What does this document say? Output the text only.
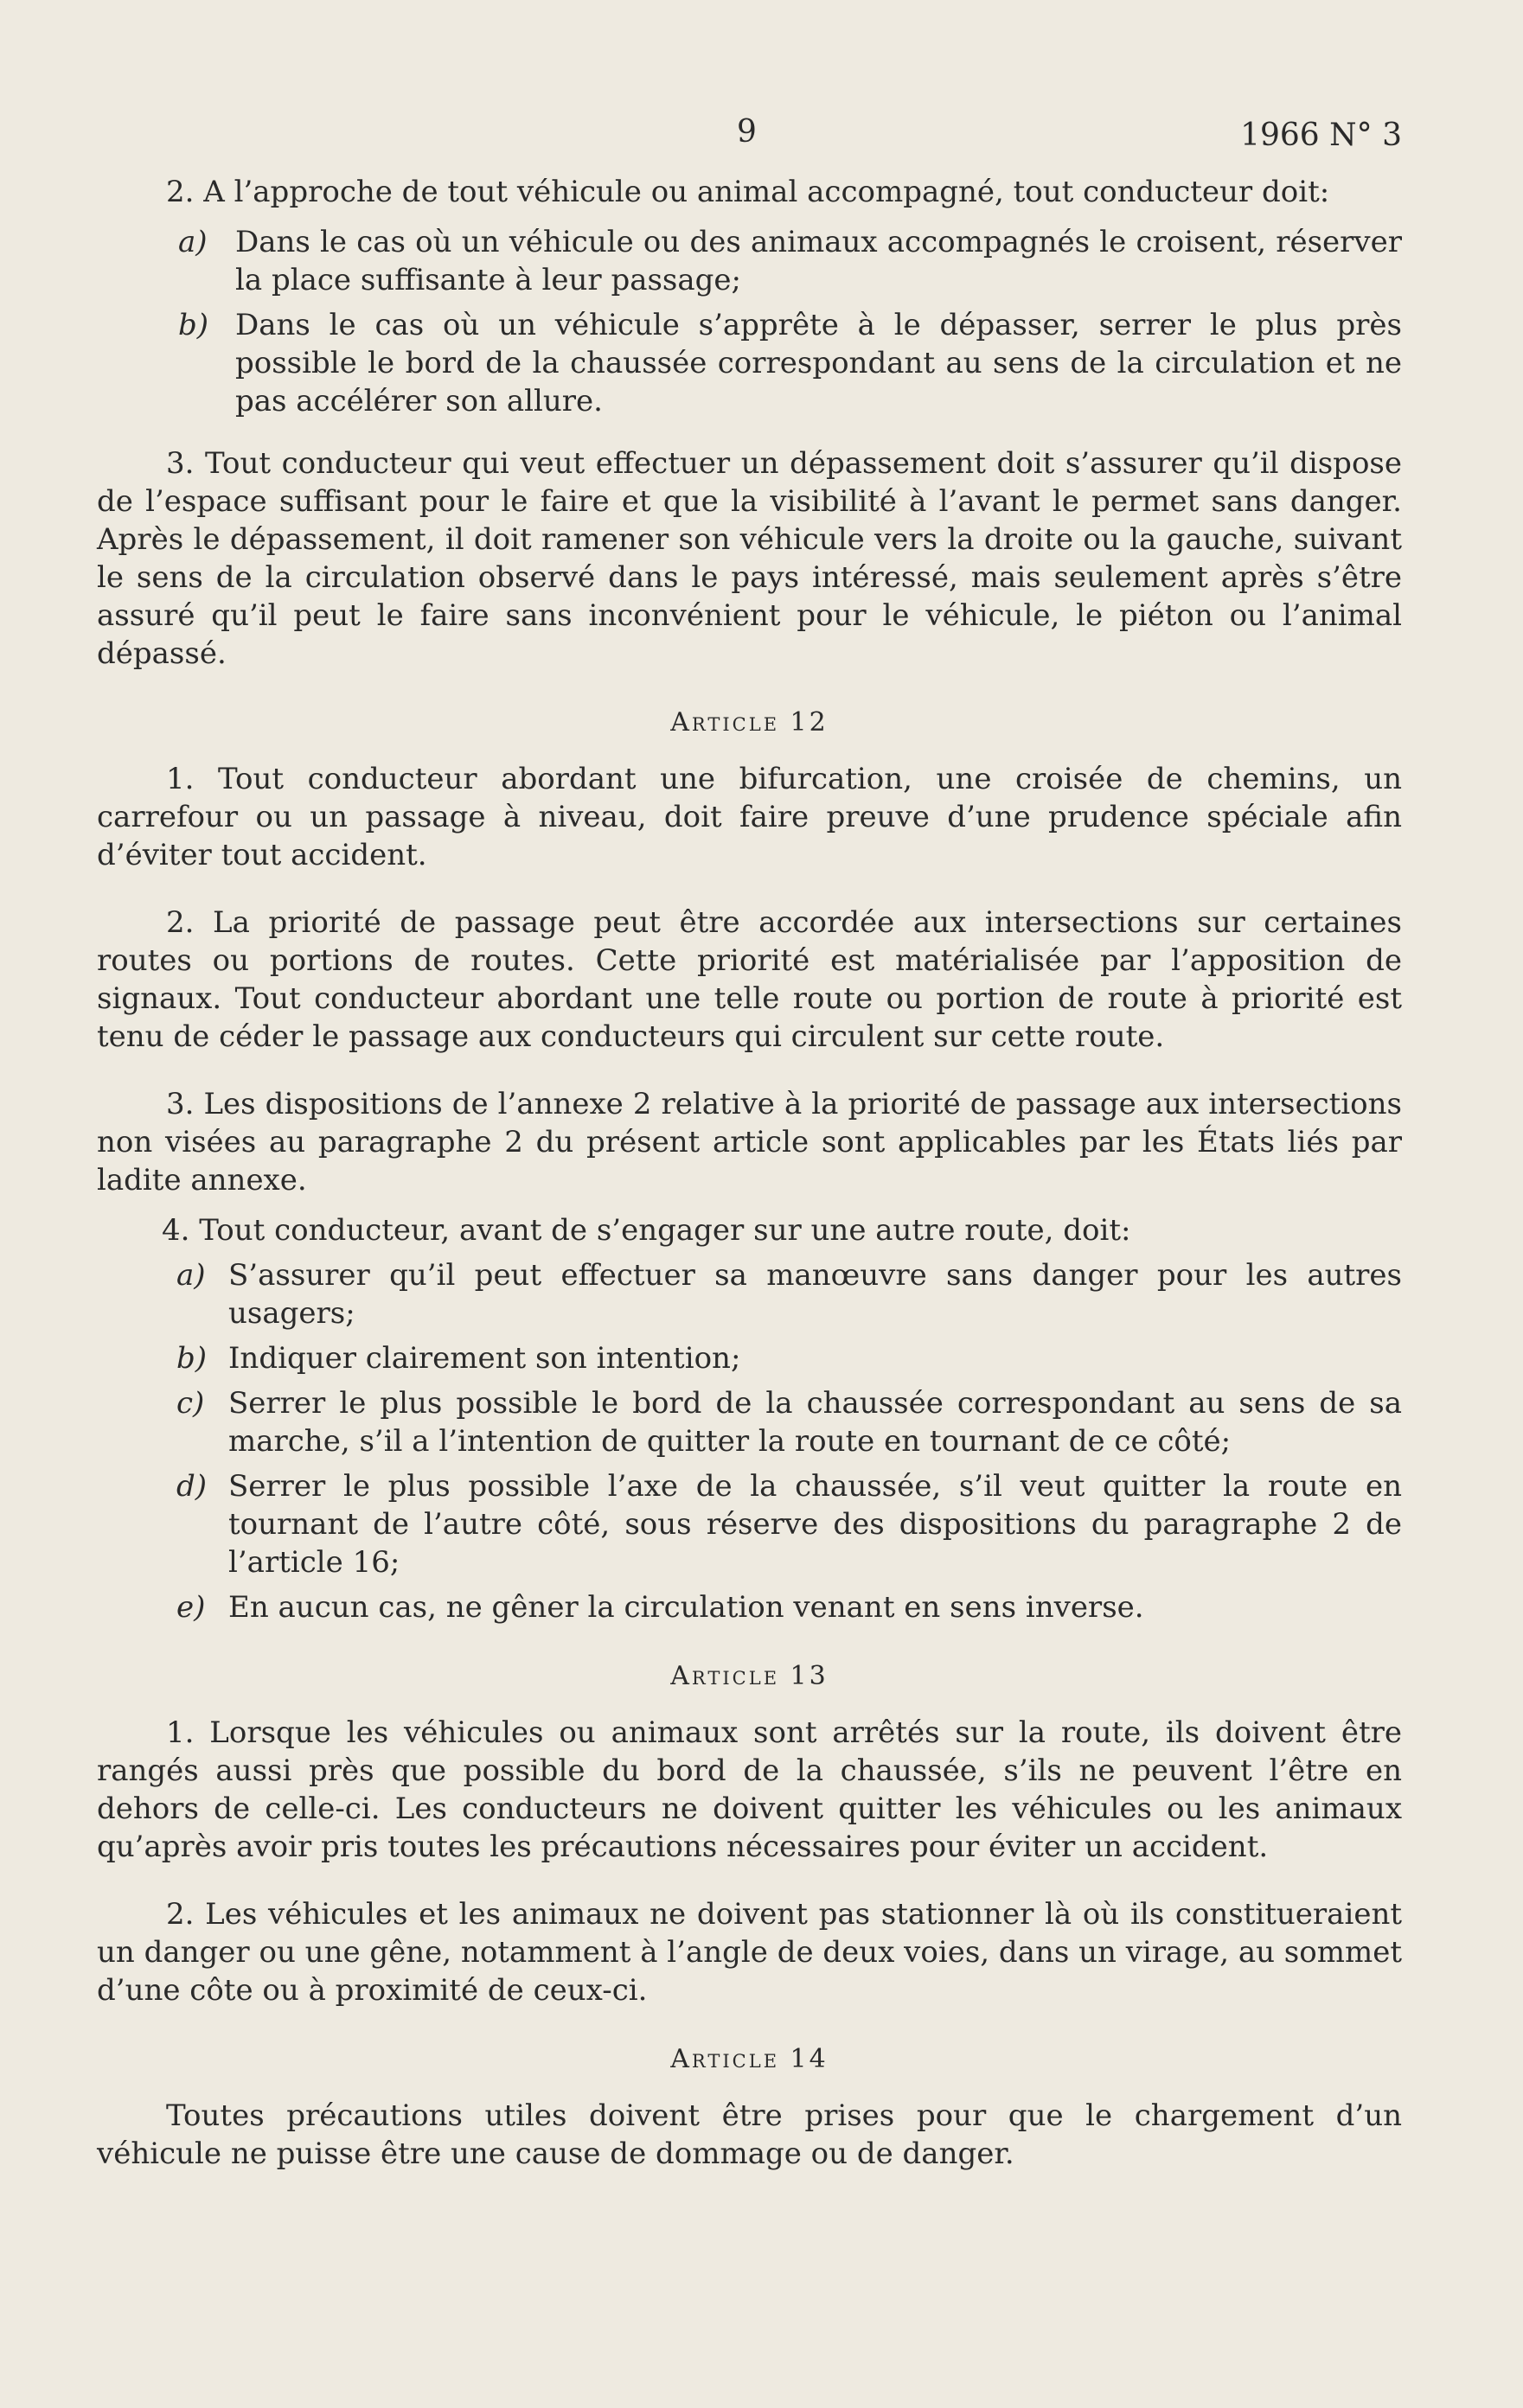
9	1966 N° 3

2. A l’approche de tout véhicule ou animal accompagné, tout conducteur doit:

a) Dans le cas où un véhicule ou des animaux accompagnés le croisent, réserver la place suffisante à leur passage;
b) Dans le cas où un véhicule s’apprête à le dépasser, serrer le plus près possible le bord de la chaussée correspondant au sens de la circulation et ne pas accélérer son allure.

3. Tout conducteur qui veut effectuer un dépassement doit s’assurer qu’il dispose de l’espace suffisant pour le faire et que la visibilité à l’avant le permet sans danger. Après le dépassement, il doit ramener son véhicule vers la droite ou la gauche, suivant le sens de la circulation observé dans le pays intéressé, mais seulement après s’être assuré qu’il peut le faire sans inconvénient pour le véhicule, le piéton ou l’animal dépassé.

Article 12

1. Tout conducteur abordant une bifurcation, une croisée de chemins, un carrefour ou un passage à niveau, doit faire preuve d’une prudence spéciale afin d’éviter tout accident.

2. La priorité de passage peut être accordée aux intersections sur certaines routes ou portions de routes. Cette priorité est matérialisée par l’apposition de signaux. Tout conducteur abordant une telle route ou portion de route à priorité est tenu de céder le passage aux conducteurs qui circulent sur cette route.

3. Les dispositions de l’annexe 2 relative à la priorité de passage aux intersections non visées au paragraphe 2 du présent article sont applicables par les États liés par ladite annexe.

4. Tout conducteur, avant de s’engager sur une autre route, doit:

a) S’assurer qu’il peut effectuer sa manœuvre sans danger pour les autres usagers;
b) Indiquer clairement son intention;
c) Serrer le plus possible le bord de la chaussée correspondant au sens de sa marche, s’il a l’intention de quitter la route en tournant de ce côté;
d) Serrer le plus possible l’axe de la chaussée, s’il veut quitter la route en tournant de l’autre côté, sous réserve des dispositions du paragraphe 2 de l’article 16;
e) En aucun cas, ne gêner la circulation venant en sens inverse.
Article 13

1. Lorsque les véhicules ou animaux sont arrêtés sur la route, ils doivent être rangés aussi près que possible du bord de la chaussée, s’ils ne peuvent l’être en dehors de celle-ci. Les conducteurs ne doivent quitter les véhicules ou les animaux qu’après avoir pris toutes les précautions nécessaires pour éviter un accident.

2. Les véhicules et les animaux ne doivent pas stationner là où ils constitueraient un danger ou une gêne, notamment à l’angle de deux voies, dans un virage, au sommet d’une côte ou à proximité de ceux-ci.

Article 14

Toutes précautions utiles doivent être prises pour que le chargement d’un véhicule ne puisse être une cause de dommage ou de danger.
